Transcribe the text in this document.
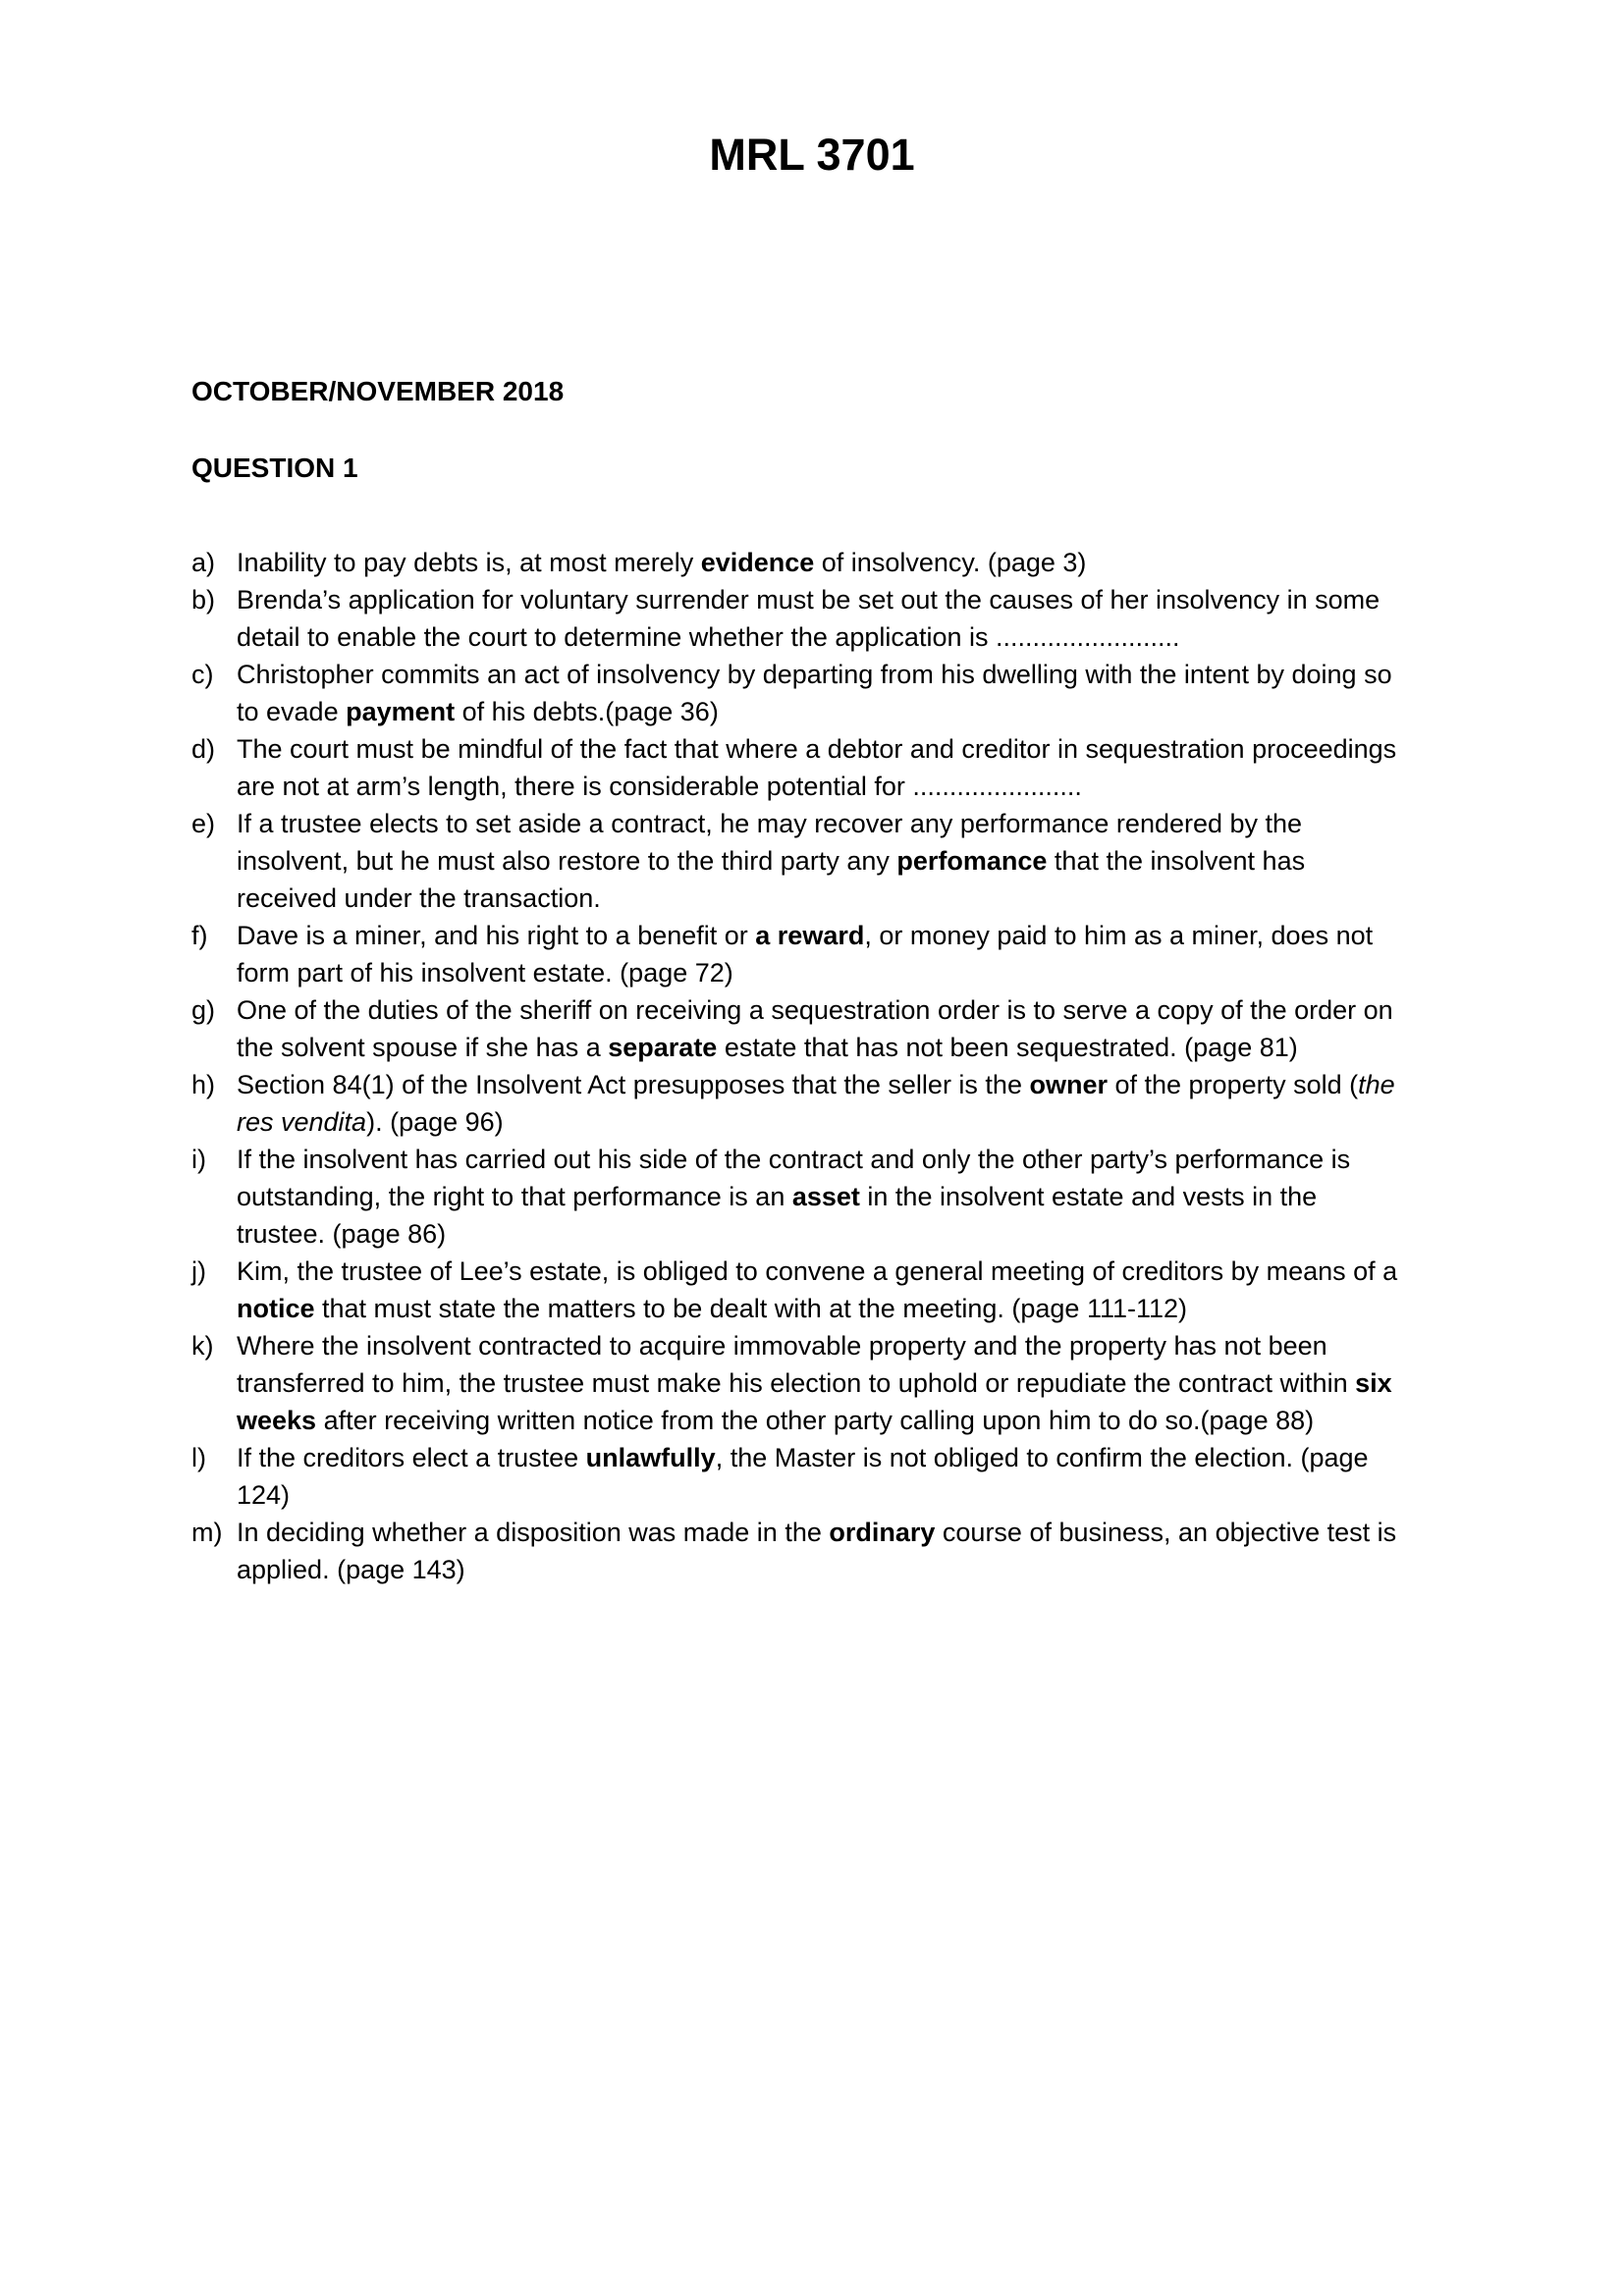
MRL 3701
OCTOBER/NOVEMBER 2018
QUESTION 1
a) Inability to pay debts is, at most merely evidence of insolvency. (page 3)
b) Brenda’s application for voluntary surrender must be set out the causes of her insolvency in some detail to enable the court to determine whether the application is .........................
c) Christopher commits an act of insolvency by departing from his dwelling with the intent by doing so to evade payment of his debts.(page 36)
d) The court must be mindful of the fact that where a debtor and creditor in sequestration proceedings are not at arm’s length, there is considerable potential for .......................
e) If a trustee elects to set aside a contract, he may recover any performance rendered by the insolvent, but he must also restore to the third party any perfomance that the insolvent has received under the transaction.
f)	Dave is a miner, and his right to a benefit or a reward, or money paid to him as a miner, does not form part of his insolvent estate. (page 72)
g) One of the duties of the sheriff on receiving a sequestration order is to serve a copy of the order on the solvent spouse if she has a separate estate that has not been sequestrated. (page 81)
h) Section 84(1) of the Insolvent Act presupposes that the seller is the owner of the property sold (the res vendita). (page 96)
i)	If the insolvent has carried out his side of the contract and only the other party’s performance is outstanding, the right to that performance is an asset in the insolvent estate and vests in the trustee. (page 86)
j)	Kim, the trustee of Lee’s estate, is obliged to convene a general meeting of creditors by means of a notice that must state the matters to be dealt with at the meeting. (page 111-112)
k) Where the insolvent contracted to acquire immovable property and the property has not been transferred to him, the trustee must make his election to uphold or repudiate the contract within six weeks after receiving written notice from the other party calling upon him to do so.(page 88)
l)	If the creditors elect a trustee unlawfully, the Master is not obliged to confirm the election. (page 124)
m) In deciding whether a disposition was made in the ordinary course of business, an objective test is applied. (page 143)
